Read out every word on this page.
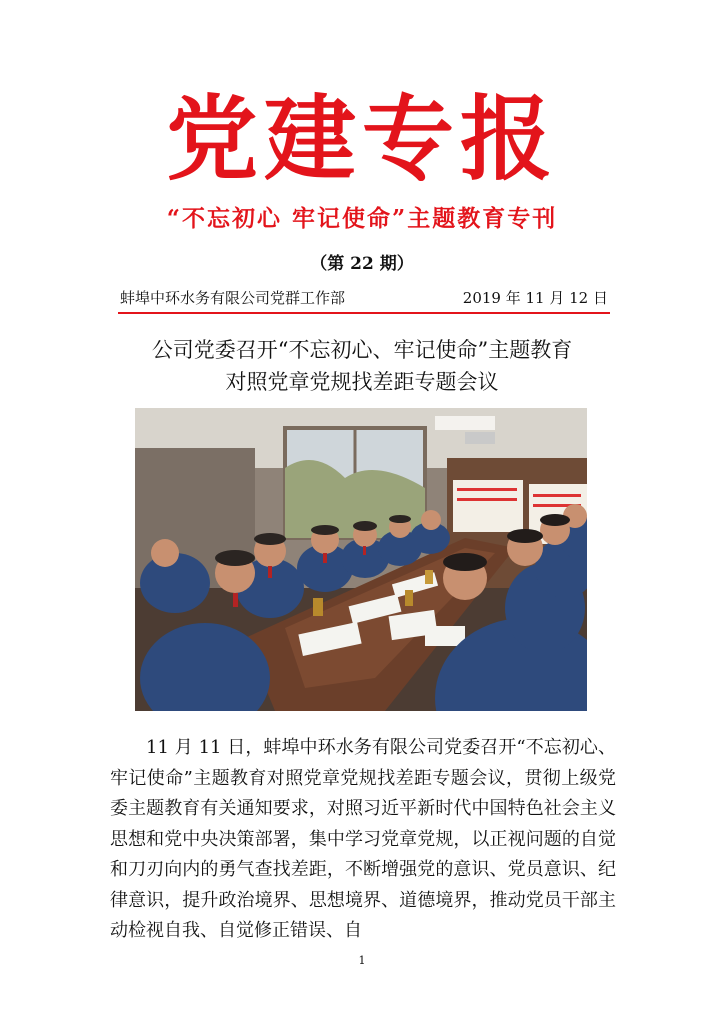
党建专报
“不忘初心 牢记使命”主题教育专刊
（第 22 期）
蚌埠中环水务有限公司党群工作部	2019 年 11 月 12 日
公司党委召开“不忘初心、牢记使命”主题教育
对照党章党规找差距专题会议

11 月 11 日，蚌埠中环水务有限公司党委召开“不忘初心、牢记使命”主题教育对照党章党规找差距专题会议，贯彻上级党委主题教育有关通知要求，对照习近平新时代中国特色社会主义思想和党中央决策部署，集中学习党章党规，以正视问题的自觉和刀刃向内的勇气查找差距，不断增强党的意识、党员意识、纪律意识，提升政治境界、思想境界、道德境界，推动党员干部主动检视自我、自觉修正错误、自

1
